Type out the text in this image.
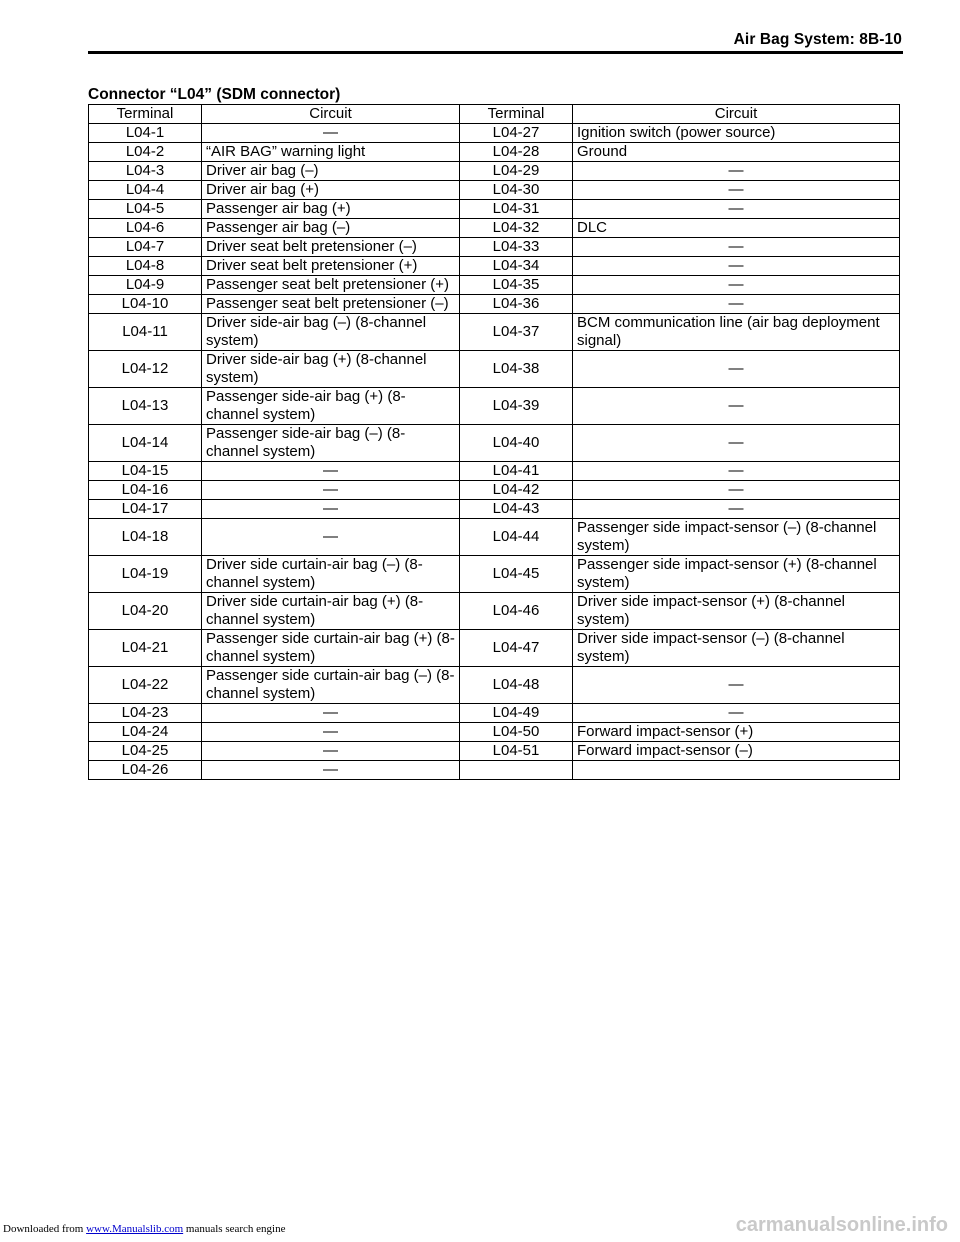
Air Bag System: 8B-10
Connector “L04” (SDM connector)
Terminal	Circuit	Terminal	Circuit
L04-1	—	L04-27	Ignition switch (power source)
L04-2	“AIR BAG” warning light	L04-28	Ground
L04-3	Driver air bag (–)	L04-29	—
L04-4	Driver air bag (+)	L04-30	—
L04-5	Passenger air bag (+)	L04-31	—
L04-6	Passenger air bag (–)	L04-32	DLC
L04-7	Driver seat belt pretensioner (–)	L04-33	—
L04-8	Driver seat belt pretensioner (+)	L04-34	—
L04-9	Passenger seat belt pretensioner (+)	L04-35	—
L04-10	Passenger seat belt pretensioner (–)	L04-36	—
L04-11	Driver side-air bag (–) (8-channel system)	L04-37	BCM communication line (air bag deployment signal)
L04-12	Driver side-air bag (+) (8-channel system)	L04-38	—
L04-13	Passenger side-air bag (+) (8-channel system)	L04-39	—
L04-14	Passenger side-air bag (–) (8-channel system)	L04-40	—
L04-15	—	L04-41	—
L04-16	—	L04-42	—
L04-17	—	L04-43	—
L04-18	—	L04-44	Passenger side impact-sensor (–) (8-channel system)
L04-19	Driver side curtain-air bag (–) (8-channel system)	L04-45	Passenger side impact-sensor (+) (8-channel system)
L04-20	Driver side curtain-air bag (+) (8-channel system)	L04-46	Driver side impact-sensor (+) (8-channel system)
L04-21	Passenger side curtain-air bag (+) (8-channel system)	L04-47	Driver side impact-sensor (–) (8-channel system)
L04-22	Passenger side curtain-air bag (–) (8-channel system)	L04-48	—
L04-23	—	L04-49	—
L04-24	—	L04-50	Forward impact-sensor (+)
L04-25	—	L04-51	Forward impact-sensor (–)
L04-26	—		
Downloaded from www.Manualslib.com manuals search engine	carmanualsonline.info
